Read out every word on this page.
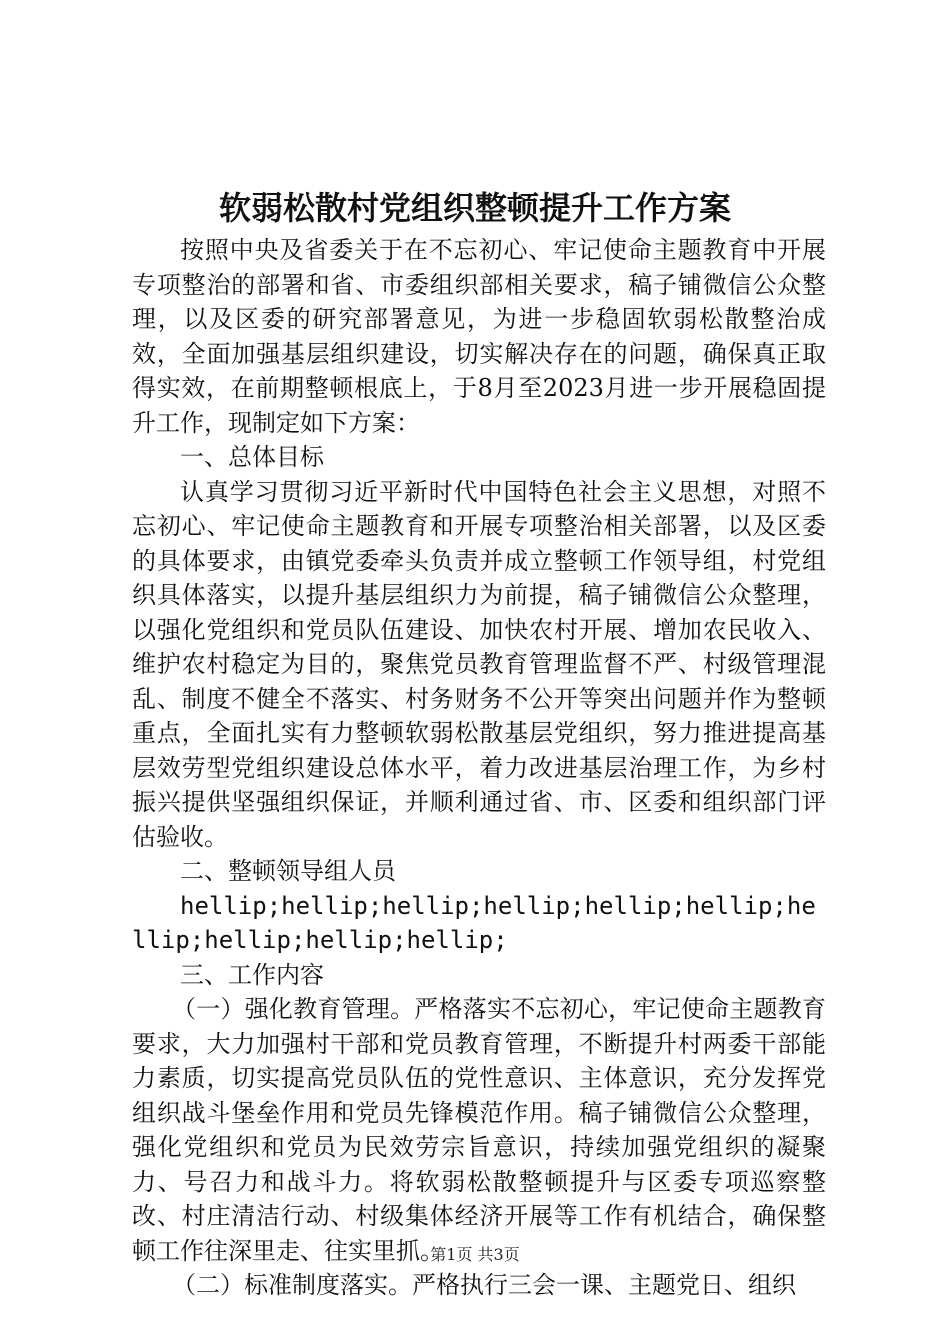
软弱松散村党组织整顿提升工作方案

按照中央及省委关于在不忘初心、牢记使命主题教育中开展专项整治的部署和省、市委组织部相关要求，稿子铺微信公众整理，以及区委的研究部署意见，为进一步稳固软弱松散整治成效，全面加强基层组织建设，切实解决存在的问题，确保真正取得实效，在前期整顿根底上，于8月至2023月进一步开展稳固提升工作，现制定如下方案：

一、总体目标

认真学习贯彻习近平新时代中国特色社会主义思想，对照不忘初心、牢记使命主题教育和开展专项整治相关部署，以及区委的具体要求，由镇党委牵头负责并成立整顿工作领导组，村党组织具体落实，以提升基层组织力为前提，稿子铺微信公众整理，以强化党组织和党员队伍建设、加快农村开展、增加农民收入、维护农村稳定为目的，聚焦党员教育管理监督不严、村级管理混乱、制度不健全不落实、村务财务不公开等突出问题并作为整顿重点，全面扎实有力整顿软弱松散基层党组织，努力推进提高基层效劳型党组织建设总体水平，着力改进基层治理工作，为乡村振兴提供坚强组织保证，并顺利通过省、市、区委和组织部门评估验收。

二、整顿领导组人员

hellip;hellip;hellip;hellip;hellip;hellip;hellip;hellip;hellip;hellip;

三、工作内容

（一）强化教育管理。严格落实不忘初心，牢记使命主题教育要求，大力加强村干部和党员教育管理，不断提升村两委干部能力素质，切实提高党员队伍的党性意识、主体意识，充分发挥党组织战斗堡垒作用和党员先锋模范作用。稿子铺微信公众整理，强化党组织和党员为民效劳宗旨意识，持续加强党组织的凝聚力、号召力和战斗力。将软弱松散整顿提升与区委专项巡察整改、村庄清洁行动、村级集体经济开展等工作有机结合，确保整顿工作往深里走、往实里抓。

（二）标准制度落实。严格执行三会一课、主题党日、组织

第1页 共3页
